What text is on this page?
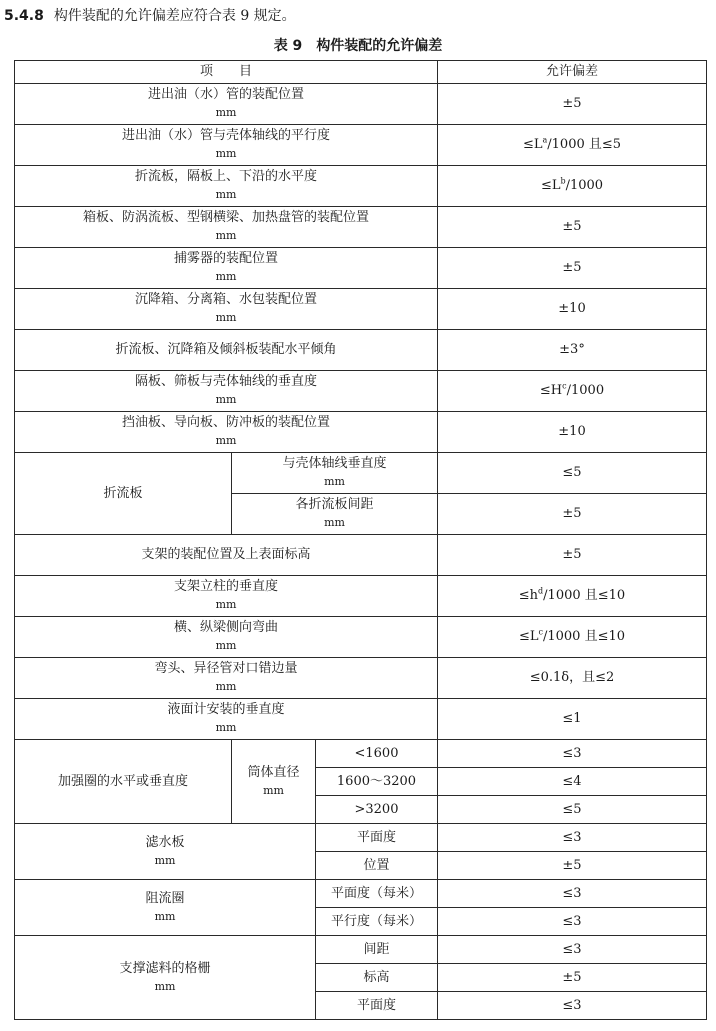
5.4.8 构件装配的允许偏差应符合表 9 规定。
表 9 构件装配的允许偏差
项　　目			允许偏差

进出油（水）管的装配位置
mm			±5

进出油（水）管与壳体轴线的平行度
mm			$\le L^a/1000$ 且≤5

折流板，隔板上、下沿的水平度
mm			$\le L^b/1000$

箱板、防涡流板、型钢横梁、加热盘管的装配位置
mm			±5

捕雾器的装配位置
mm			±5

沉降箱、分离箱、水包装配位置
mm			±10

折流板、沉降箱及倾斜板装配水平倾角			±3°

隔板、筛板与壳体轴线的垂直度
mm			$\le H^c/1000$

挡油板、导向板、防冲板的装配位置
mm			±10
折流板	与壳体轴线垂直度
mm		≤5

	各折流板间距
mm		±5

支架的装配位置及上表面标高			±5

支架立柱的垂直度
mm			$\le h^d/1000$ 且≤10

横、纵梁侧向弯曲
mm			$\le L^c/1000$ 且≤10

弯头、异径管对口错边量
mm			≤0.1δ，且≤2

液面计安装的垂直度
mm			≤1
加强圈的水平或垂直度	筒体直径
mm	<1600	≤3
		1600～3200	≤4
		>3200	≤5

滤水板
mm		平面度	≤3
		位置	±5

阻流圈
mm		平面度（每米）	≤3
		平行度（每米）	≤3

支撑滤料的格栅
mm		间距	≤3
		标高	±5
		平面度	≤3
